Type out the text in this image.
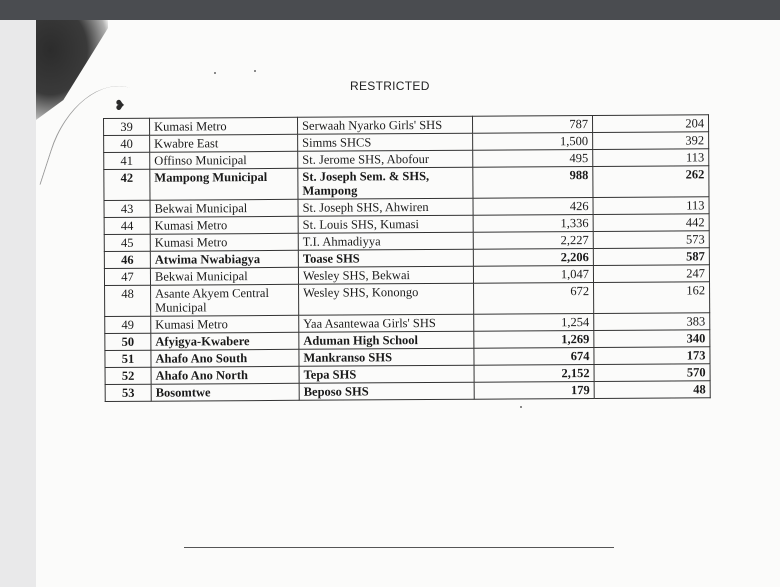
❥
RESTRICTED
39	Kumasi Metro	Serwaah Nyarko Girls' SHS	787	204
40	Kwabre East	Simms SHCS	1,500	392
41	Offinso Municipal	St. Jerome SHS, Abofour	495	113
42	Mampong Municipal	St. Joseph Sem. & SHS, Mampong	988	262
43	Bekwai Municipal	St. Joseph SHS, Ahwiren	426	113
44	Kumasi Metro	St. Louis SHS, Kumasi	1,336	442
45	Kumasi Metro	T.I. Ahmadiyya	2,227	573
46	Atwima Nwabiagya	Toase SHS	2,206	587
47	Bekwai Municipal	Wesley SHS, Bekwai	1,047	247
48	Asante Akyem Central Municipal	Wesley SHS, Konongo	672	162
49	Kumasi Metro	Yaa Asantewaa Girls' SHS	1,254	383
50	Afyigya-Kwabere	Aduman High School	1,269	340
51	Ahafo Ano South	Mankranso SHS	674	173
52	Ahafo Ano North	Tepa SHS	2,152	570
53	Bosomtwe	Beposo SHS	179	48
